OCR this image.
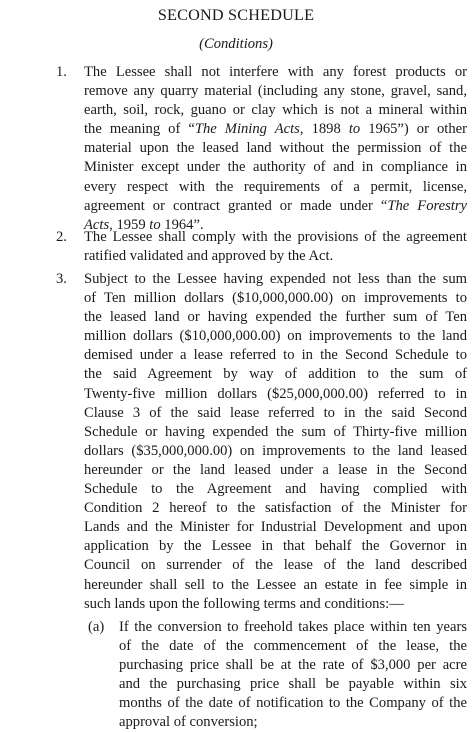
SECOND SCHEDULE
(Conditions)
1. The Lessee shall not interfere with any forest products or
remove any quarry material (including any stone, gravel, sand,
earth, soil, rock, guano or clay which is not a mineral within
the meaning of “The Mining Acts, 1898 to 1965”) or other
material upon the leased land without the permission of the
Minister except under the authority of and in compliance in
every respect with the requirements of a permit, license,
agreement or contract granted or made under “The Forestry
Acts, 1959 to 1964”.
2. The Lessee shall comply with the provisions of the agreement
ratified validated and approved by the Act.
3. Subject to the Lessee having expended not less than the sum
of Ten million dollars ($10,000,000.00) on improvements to
the leased land or having expended the further sum of Ten
million dollars ($10,000,000.00) on improvements to the land
demised under a lease referred to in the Second Schedule to
the said Agreement by way of addition to the sum of
Twenty-five million dollars ($25,000,000.00) referred to in
Clause 3 of the said lease referred to in the said Second
Schedule or having expended the sum of Thirty-five million
dollars ($35,000,000.00) on improvements to the land leased
hereunder or the land leased under a lease in the Second
Schedule to the Agreement and having complied with
Condition 2 hereof to the satisfaction of the Minister for
Lands and the Minister for Industrial Development and upon
application by the Lessee in that behalf the Governor in
Council on surrender of the lease of the land described
hereunder shall sell to the Lessee an estate in fee simple in
such lands upon the following terms and conditions:—
(a) If the conversion to freehold takes place within ten years
of the date of the commencement of the lease, the
purchasing price shall be at the rate of $3,000 per acre
and the purchasing price shall be payable within six
months of the date of notification to the Company of the
approval of conversion;
